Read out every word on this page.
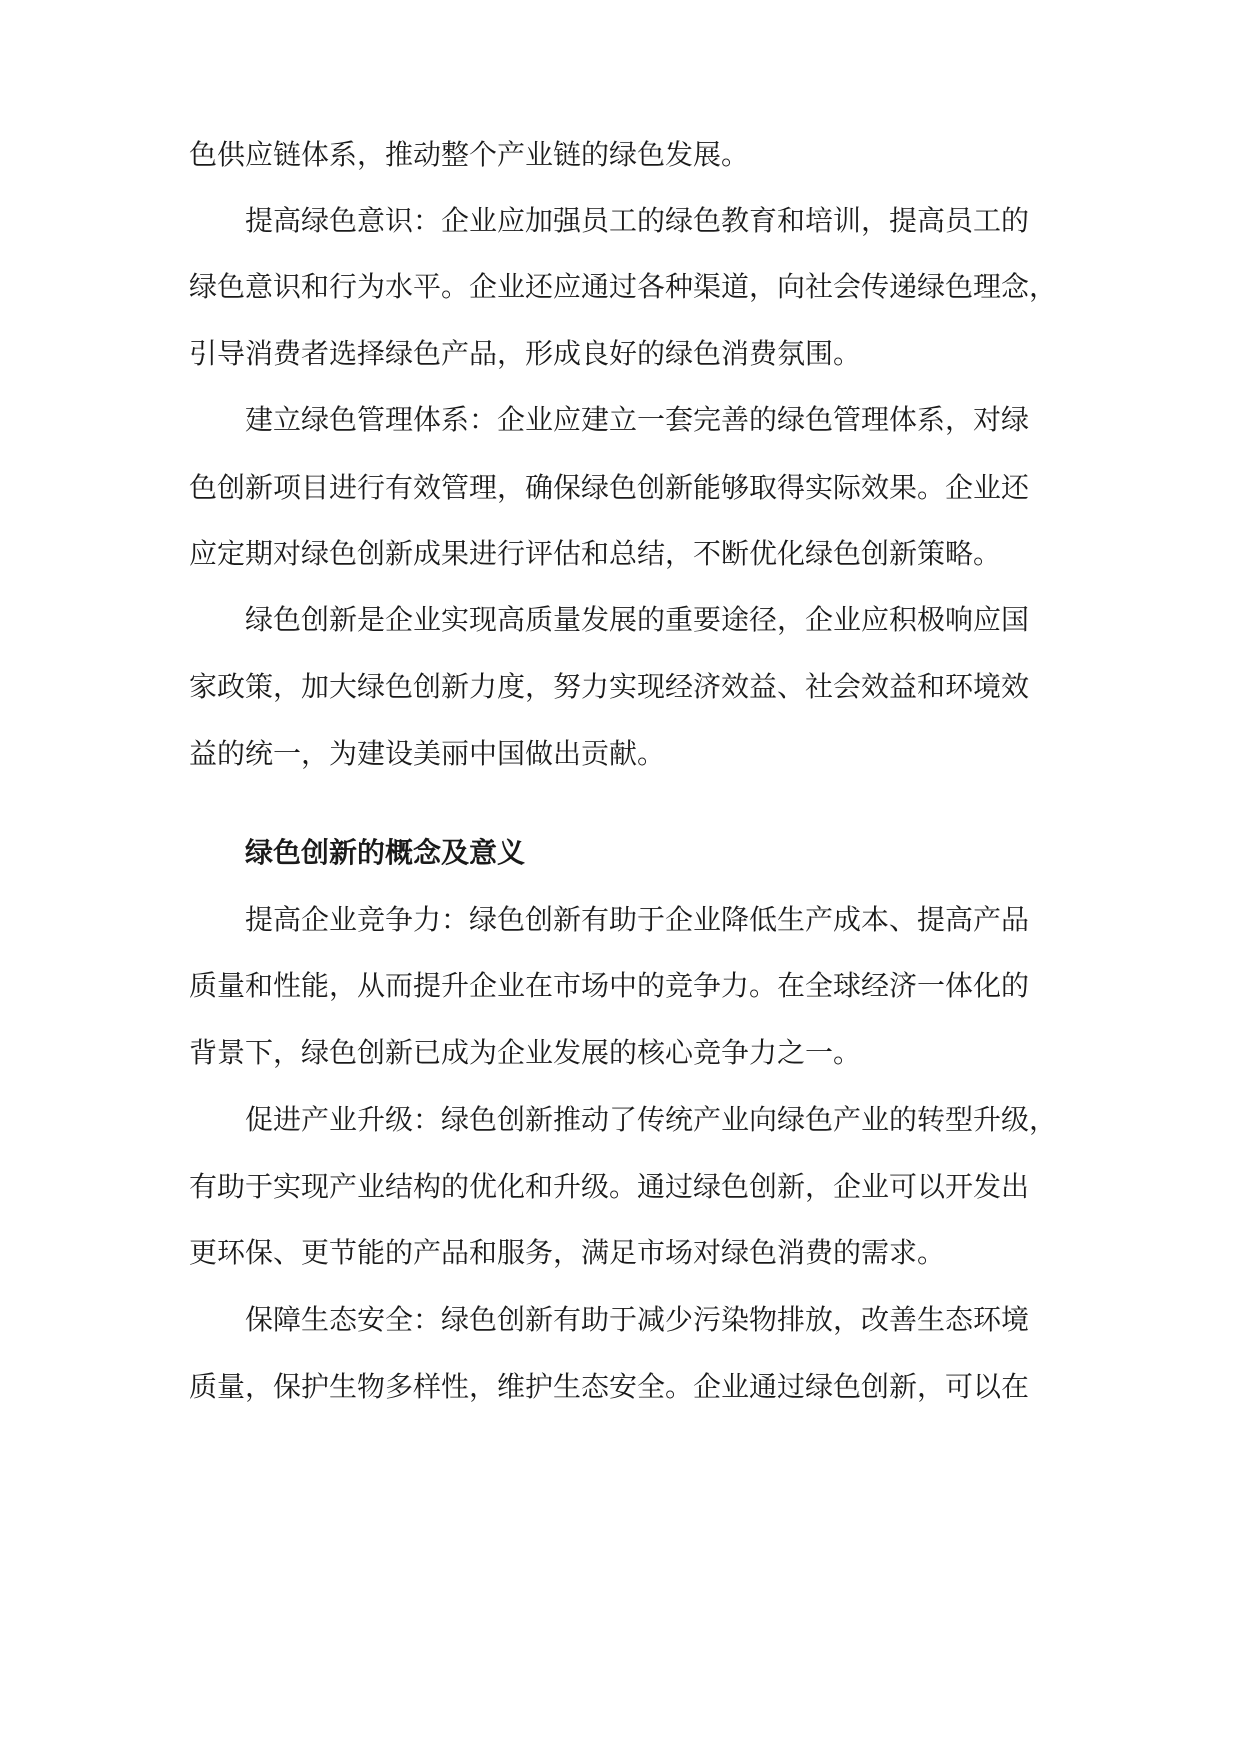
色供应链体系，推动整个产业链的绿色发展。
提高绿色意识：企业应加强员工的绿色教育和培训，提高员工的
绿色意识和行为水平。企业还应通过各种渠道，向社会传递绿色理念，
引导消费者选择绿色产品，形成良好的绿色消费氛围。
建立绿色管理体系：企业应建立一套完善的绿色管理体系，对绿
色创新项目进行有效管理，确保绿色创新能够取得实际效果。企业还
应定期对绿色创新成果进行评估和总结，不断优化绿色创新策略。
绿色创新是企业实现高质量发展的重要途径，企业应积极响应国
家政策，加大绿色创新力度，努力实现经济效益、社会效益和环境效
益的统一，为建设美丽中国做出贡献。
绿色创新的概念及意义
提高企业竞争力：绿色创新有助于企业降低生产成本、提高产品
质量和性能，从而提升企业在市场中的竞争力。在全球经济一体化的
背景下，绿色创新已成为企业发展的核心竞争力之一。
促进产业升级：绿色创新推动了传统产业向绿色产业的转型升级，
有助于实现产业结构的优化和升级。通过绿色创新，企业可以开发出
更环保、更节能的产品和服务，满足市场对绿色消费的需求。
保障生态安全：绿色创新有助于减少污染物排放，改善生态环境
质量，保护生物多样性，维护生态安全。企业通过绿色创新，可以在
